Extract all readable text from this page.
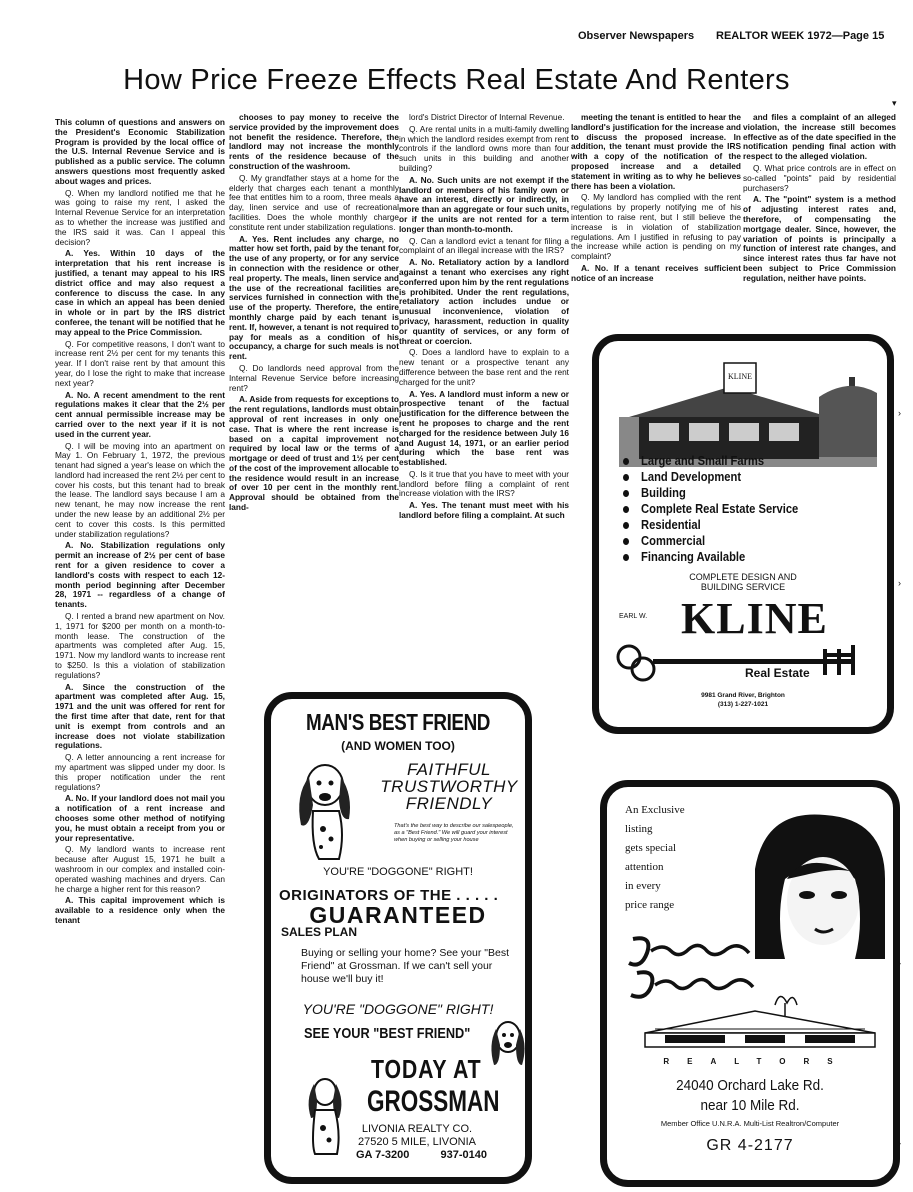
Observer Newspapers REALTOR WEEK 1972—Page 15
How Price Freeze Effects Real Estate And Renters

This column of questions and answers on the President's Economic Stabilization Program is provided by the local office of the U.S. Internal Revenue Service and is published as a public service. The column answers questions most frequently asked about wages and prices.

Q. When my landlord notified me that he was going to raise my rent, I asked the Internal Revenue Service for an interpretation as to whether the increase was justified and the IRS said it was. Can I appeal this decision?

A. Yes. Within 10 days of the interpretation that his rent increase is justified, a tenant may appeal to his IRS district office and may also request a conference to discuss the case. In any case in which an appeal has been denied in whole or in part by the IRS district conferee, the tenant will be notified that he may appeal to the Price Commission.

Q. For competitive reasons, I don't want to increase rent 2½ per cent for my tenants this year. If I don't raise rent by that amount this year, do I lose the right to make that increase next year?

A. No. A recent amendment to the rent regulations makes it clear that the 2½ per cent annual permissible increase may be carried over to the next year if it is not used in the current year.

Q. I will be moving into an apartment on May 1. On February 1, 1972, the previous tenant had signed a year's lease on which the landlord had increased the rent 2½ per cent to cover his costs, but this tenant had to break the lease. The landlord says because I am a new tenant, he may now increase the rent under the new lease by an additional 2½ per cent to cover this costs. Is this permitted under stabilization regulations?

A. No. Stabilization regulations only permit an increase of 2½ per cent of base rent for a given residence to cover a landlord's costs with respect to each 12-month period beginning after December 28, 1971 -- regardless of a change of tenants.

Q. I rented a brand new apartment on Nov. 1, 1971 for $200 per month on a month-to-month lease. The construction of the apartments was completed after Aug. 15, 1971. Now my landlord wants to increase rent to $250. Is this a violation of stabilization regulations?

A. Since the construction of the apartment was completed after Aug. 15, 1971 and the unit was offered for rent for the first time after that date, rent for that unit is exempt from controls and an increase does not violate stabilization regulations.

Q. A letter announcing a rent increase for my apartment was slipped under my door. Is this proper notification under the rent regulations?

A. No. If your landlord does not mail you a notification of a rent increase and chooses some other method of notifying you, he must obtain a receipt from you or your representative.

Q. My landlord wants to increase rent because after August 15, 1971 he built a washroom in our complex and installed coin-operated washing machines and dryers. Can he charge a higher rent for this reason?

A. This capital improvement which is available to a residence only when the tenant

chooses to pay money to receive the service provided by the improvement does not benefit the residence. Therefore, the landlord may not increase the monthly rents of the residence because of the construction of the washroom.

Q. My grandfather stays at a home for the elderly that charges each tenant a monthly fee that entitles him to a room, three meals a day, linen service and use of recreational facilities. Does the whole monthly charge constitute rent under stabilization regulations.

A. Yes. Rent includes any charge, no matter how set forth, paid by the tenant for the use of any property, or for any service in connection with the residence or other real property. The meals, linen service and the use of the recreational facilities are services furnished in connection with the use of the property. Therefore, the entire monthly charge paid by each tenant is rent. If, however, a tenant is not required to pay for meals as a condition of his occupancy, a charge for such meals is not rent.

Q. Do landlords need approval from the Internal Revenue Service before increasing rent?

A. Aside from requests for exceptions to the rent regulations, landlords must obtain approval of rent increases in only one case. That is where the rent increase is based on a capital improvement not required by local law or the terms of a mortgage or deed of trust and 1½ per cent of the cost of the improvement allocable to the residence would result in an increase of over 10 per cent in the monthly rent. Approval should be obtained from the land-

lord's District Director of Internal Revenue.

Q. Are rental units in a multi-family dwelling in which the landlord resides exempt from rent controls if the landlord owns more than four such units in this building and another building?

A. No. Such units are not exempt if the landlord or members of his family own or have an interest, directly or indirectly, in more than an aggregate or four such units, or if the units are not rented for a term longer than month-to-month.

Q. Can a landlord evict a tenant for filing a complaint of an illegal increase with the IRS?

A. No. Retaliatory action by a landlord against a tenant who exercises any right conferred upon him by the rent regulations is prohibited. Under the rent regulations, retaliatory action includes undue or unusual inconvenience, violation of privacy, harassment, reduction in quality or quantity of services, or any form of threat or coercion.

Q. Does a landlord have to explain to a new tenant or a prospective tenant any difference between the base rent and the rent charged for the unit?

A. Yes. A landlord must inform a new or prospective tenant of the factual justification for the difference between the rent he proposes to charge and the rent charged for the residence between July 16 and August 14, 1971, or an earlier period during which the base rent was established.

Q. Is it true that you have to meet with your landlord before filing a complaint of rent increase violation with the IRS?

A. Yes. The tenant must meet with his landlord before filing a complaint. At such

meeting the tenant is entitled to hear the landlord's justification for the increase and to discuss the proposed increase. In addition, the tenant must provide the IRS with a copy of the notification of the proposed increase and a detailed statement in writing as to why he believes there has been a violation.

Q. My landlord has complied with the rent regulations by properly notifying me of his intention to raise rent, but I still believe the increase is in violation of stabilization regulations. Am I justified in refusing to pay the increase while action is pending on my complaint?

A. No. If a tenant receives sufficient notice of an increase

and files a complaint of an alleged violation, the increase still becomes effective as of the date specified in the notification pending final action with respect to the alleged violation.

Q. What price controls are in effect on so-called "points" paid by residential purchasers?

A. The "point" system is a method of adjusting interest rates and, therefore, of compensating the mortgage dealer. Since, however, the variation of points is principally a function of interest rate changes, and since interest rates thus far have not been subject to Price Commission regulation, neither have points.

MAN'S BEST FRIEND
(AND WOMEN TOO)
FAITHFUL
TRUSTWORTHY
FRIENDLY
That's the best way to describe our salespeople, as a "Best Friend." We will guard your interest when buying or selling your house
YOU'RE "DOGGONE" RIGHT!
ORIGINATORS OF THE . . . . .
GUARANTEED
SALES PLAN
Buying or selling your home? See your "Best Friend" at Grossman. If we can't sell your house we'll buy it!
YOU'RE "DOGGONE" RIGHT!
SEE YOUR "BEST FRIEND"
TODAY AT
GROSSMAN
LIVONIA REALTY CO.
27520 5 MILE, LIVONIA
GA 7-3200	937-0140
KLINE
Large and Small Farms
Land Development
Building
Complete Real Estate Service
Residential
Commercial
Financing Available
COMPLETE DESIGN AND
BUILDING SERVICE
EARL W. KLINE
Real Estate
9981 Grand River, Brighton
(313) 1-227-1021
An Exclusive
listing
gets special
attention
in every
price range
REALTORS
24040 Orchard Lake Rd.
near 10 Mile Rd.
Member Office U.N.R.A. Multi-List Realtron/Computer
GR 4-2177
▾
›
›
›
›
